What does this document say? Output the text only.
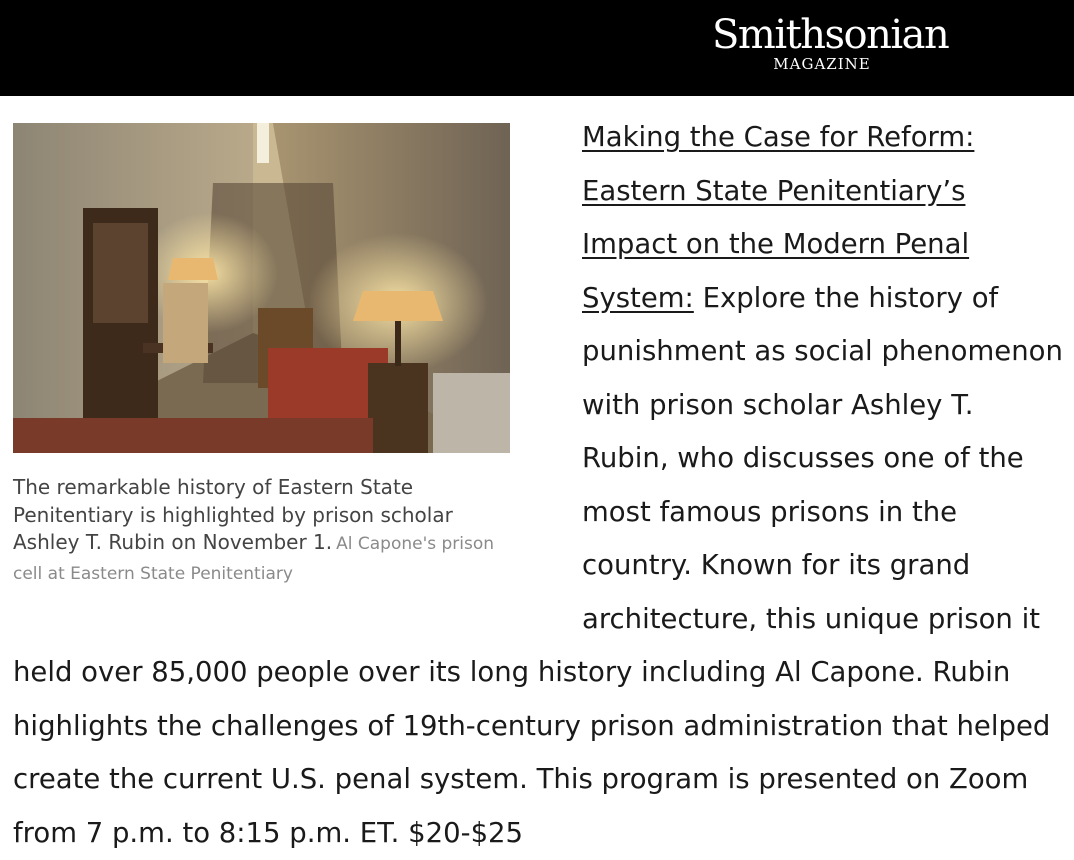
Smithsonian
MAGAZINE
The remarkable history of Eastern State Penitentiary is highlighted by prison scholar Ashley T. Rubin on November 1. Al Capone's prison cell at Eastern State Penitentiary
Making the Case for Reform: Eastern State Penitentiary’s Impact on the Modern Penal System: Explore the history of punishment as social phenomenon with prison scholar Ashley T. Rubin, who discusses one of the most famous prisons in the country. Known for its grand architecture, this unique prison it held over 85,000 people over its long history including Al Capone. Rubin highlights the challenges of 19th-century prison administration that helped create the current U.S. penal system. This program is presented on Zoom from 7 p.m. to 8:15 p.m. ET. $20-$25
